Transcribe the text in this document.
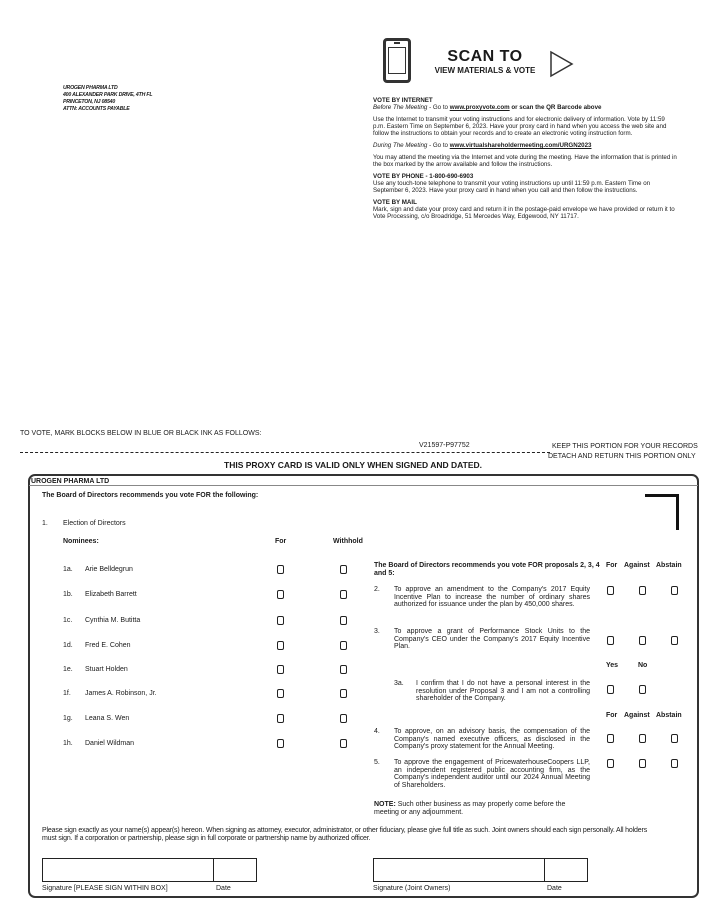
UROGEN PHARMA LTD
400 ALEXANDER PARK DRIVE, 4TH FL
PRINCETON, NJ 08540
ATTN: ACCOUNTS PAYABLE
SCAN TO
VIEW MATERIALS & VOTE
VOTE BY INTERNET
Before The Meeting - Go to www.proxyvote.com or scan the QR Barcode above
Use the Internet to transmit your voting instructions and for electronic delivery of information. Vote by 11:59 p.m. Eastern Time on September 6, 2023. Have your proxy card in hand when you access the web site and follow the instructions to obtain your records and to create an electronic voting instruction form.
During The Meeting - Go to www.virtualshareholdermeeting.com/URGN2023
You may attend the meeting via the Internet and vote during the meeting. Have the information that is printed in the box marked by the arrow available and follow the instructions.
VOTE BY PHONE - 1-800-690-6903
Use any touch-tone telephone to transmit your voting instructions up until 11:59 p.m. Eastern Time on September 6, 2023. Have your proxy card in hand when you call and then follow the instructions.
VOTE BY MAIL
Mark, sign and date your proxy card and return it in the postage-paid envelope we have provided or return it to Vote Processing, c/o Broadridge, 51 Mercedes Way, Edgewood, NY 11717.
TO VOTE, MARK BLOCKS BELOW IN BLUE OR BLACK INK AS FOLLOWS:
V21597-P97752	KEEP THIS PORTION FOR YOUR RECORDS
DETACH AND RETURN THIS PORTION ONLY
THIS PROXY CARD IS VALID ONLY WHEN SIGNED AND DATED.
UROGEN PHARMA LTD
The Board of Directors recommends you vote FOR the following:
1. Election of Directors
Nominees:	For	Withhold
1a. Arie Belldegrun
1b. Elizabeth Barrett
1c. Cynthia M. Butitta
1d. Fred E. Cohen
1e. Stuart Holden
1f. James A. Robinson, Jr.
1g. Leana S. Wen
1h. Daniel Wildman
The Board of Directors recommends you vote FOR proposals 2, 3, 4 and 5:
For Against Abstain
Yes	No
For Against Abstain
2. To approve an amendment to the Company's 2017 Equity Incentive Plan to increase the number of ordinary shares authorized for issuance under the plan by 450,000 shares.
3. To approve a grant of Performance Stock Units to the Company's CEO under the Company's 2017 Equity Incentive Plan.
3a. I confirm that I do not have a personal interest in the resolution under Proposal 3 and I am not a controlling shareholder of the Company.
4. To approve, on an advisory basis, the compensation of the Company's named executive officers, as disclosed in the Company's proxy statement for the Annual Meeting.
5. To approve the engagement of PricewaterhouseCoopers LLP, an independent registered public accounting firm, as the Company's independent auditor until our 2024 Annual Meeting of Shareholders.
NOTE: Such other business as may properly come before the meeting or any adjournment.
Please sign exactly as your name(s) appear(s) hereon. When signing as attorney, executor, administrator, or other fiduciary, please give full title as such. Joint owners should each sign personally. All holders must sign. If a corporation or partnership, please sign in full corporate or partnership name by authorized officer.
Signature [PLEASE SIGN WITHIN BOX]	Date	Signature (Joint Owners)	Date
